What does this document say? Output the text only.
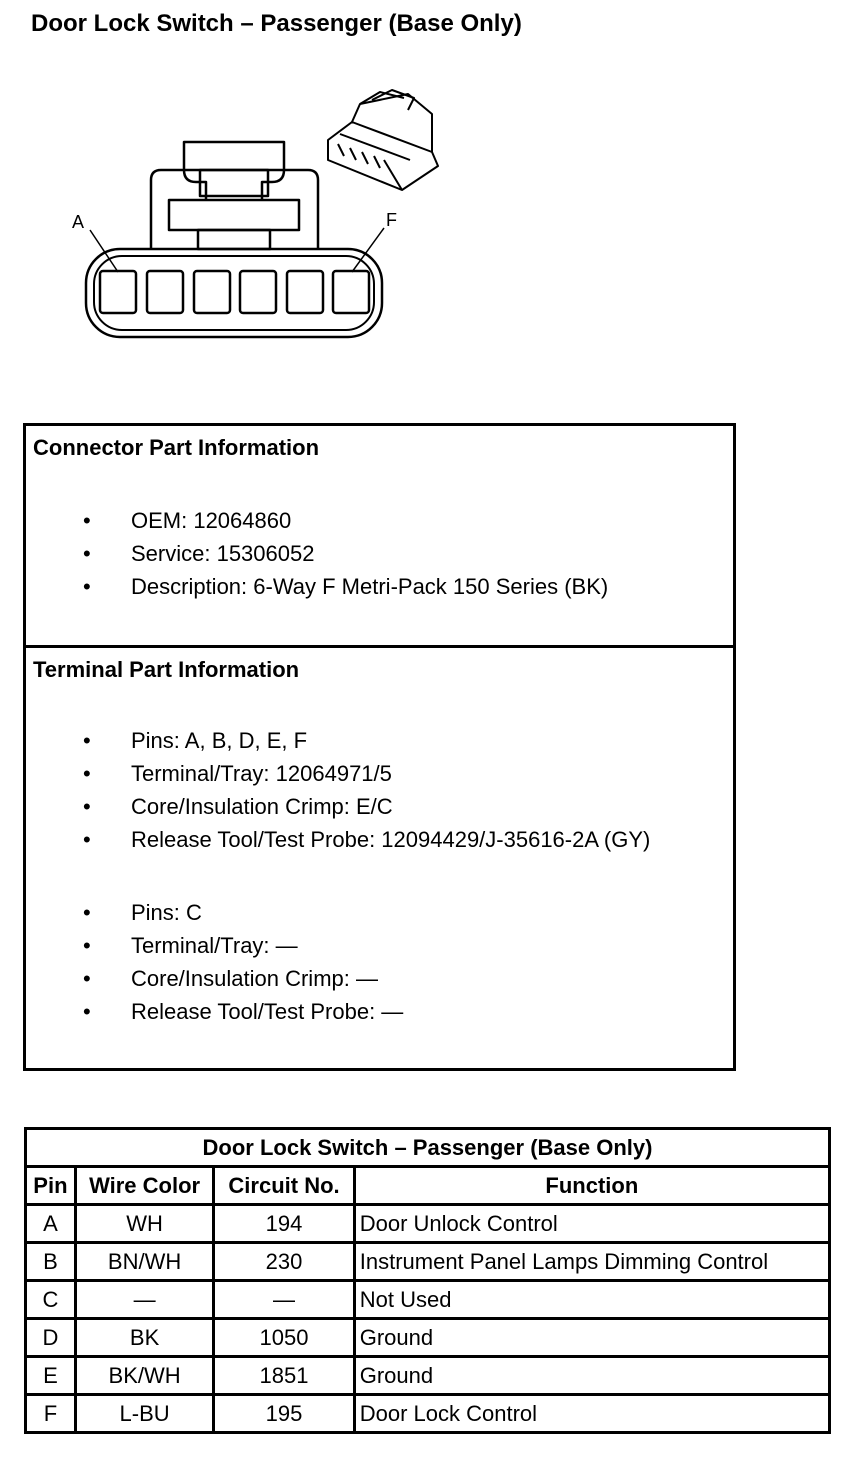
Door Lock Switch – Passenger (Base Only)
A	F
Connector Part Information
• OEM: 12064860
• Service: 15306052
• Description: 6-Way F Metri-Pack 150 Series (BK)
Terminal Part Information
• Pins: A, B, D, E, F
• Terminal/Tray: 12064971/5
• Core/Insulation Crimp: E/C
• Release Tool/Test Probe: 12094429/J-35616-2A (GY)
• Pins: C
• Terminal/Tray: —
• Core/Insulation Crimp: —
• Release Tool/Test Probe: —
Door Lock Switch – Passenger (Base Only)			
Pin	Wire Color	Circuit No.	Function
A	WH	194	Door Unlock Control
B	BN/WH	230	Instrument Panel Lamps Dimming Control
C	—	—	Not Used
D	BK	1050	Ground
E	BK/WH	1851	Ground
F	L-BU	195	Door Lock Control
